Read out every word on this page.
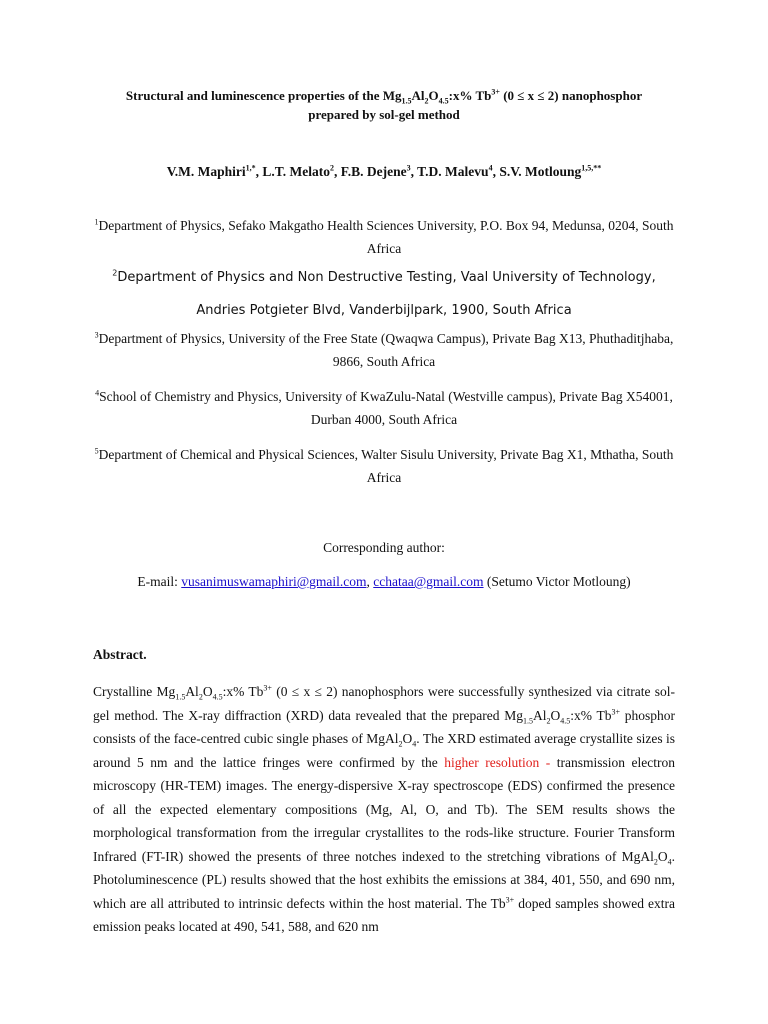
Structural and luminescence properties of the $Mg_{1.5}Al_2O_{4.5}:x\%$ $Tb^{3+}$ (0 ≤ x ≤ 2) nanophosphor
prepared by sol-gel method
V.M. Maphiri$^{1,*}$, L.T. Melato$^2$, F.B. Dejene$^3$, T.D. Malevu$^4$, S.V. Motloung$^{1,5,**}$
$^1$Department of Physics, Sefako Makgatho Health Sciences University, P.O. Box 94, Medunsa, 0204, South Africa
$^2$Department of Physics and Non Destructive Testing, Vaal University of Technology, Andries Potgieter Blvd, Vanderbijlpark, 1900, South Africa
$^3$Department of Physics, University of the Free State (Qwaqwa Campus), Private Bag X13, Phuthaditjhaba, 9866, South Africa
$^4$School of Chemistry and Physics, University of KwaZulu-Natal (Westville campus), Private Bag X54001, Durban 4000, South Africa
$^5$Department of Chemical and Physical Sciences, Walter Sisulu University, Private Bag X1, Mthatha, South Africa
Corresponding author:
E-mail: vusanimuswamaphiri@gmail.com, cchataa@gmail.com (Setumo Victor Motloung)
Abstract.
Crystalline $Mg_{1.5}Al_2O_{4.5}:x\%$ $Tb^{3+}$ (0 ≤ x ≤ 2) nanophosphors were successfully synthesized via citrate sol-gel method. The X-ray diffraction (XRD) data revealed that the prepared $Mg_{1.5}Al_2O_{4.5}:x\%$ $Tb^{3+}$ phosphor consists of the face-centred cubic single phases of $MgAl_2O_4$. The XRD estimated average crystallite sizes is around 5 nm and the lattice fringes were confirmed by the higher resolution - transmission electron microscopy (HR-TEM) images. The energy-dispersive X-ray spectroscope (EDS) confirmed the presence of all the expected elementary compositions (Mg, Al, O, and Tb). The SEM results shows the morphological transformation from the irregular crystallites to the rods-like structure. Fourier Transform Infrared (FT-IR) showed the presents of three notches indexed to the stretching vibrations of $MgAl_2O_4$. Photoluminescence (PL) results showed that the host exhibits the emissions at 384, 401, 550, and 690 nm, which are all attributed to intrinsic defects within the host material. The $Tb^{3+}$ doped samples showed extra emission peaks located at 490, 541, 588, and 620 nm
